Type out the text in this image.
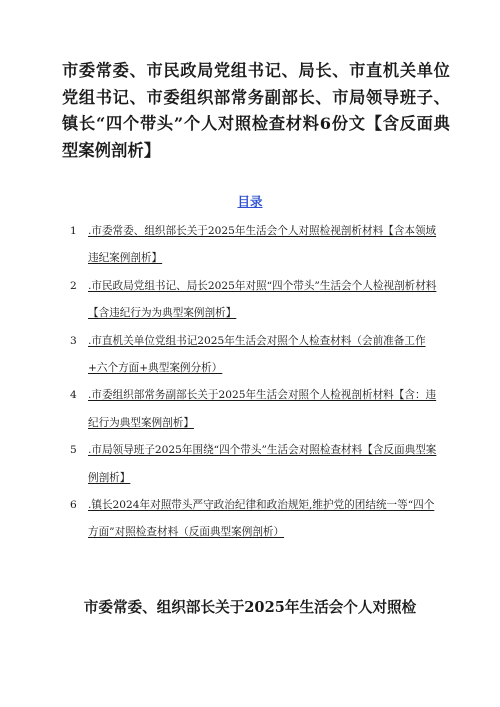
市委常委、市民政局党组书记、局长、市直机关单位党组书记、市委组织部常务副部长、市局领导班子、镇长“四个带头”个人对照检查材料6份文【含反面典型案例剖析】
目录
1	.市委常委、组织部长关于2025年生活会个人对照检视剖析材料【含本领域违纪案例剖析】
2	.市民政局党组书记、局长2025年对照“四个带头”生活会个人检视剖析材料【含违纪行为为典型案例剖析】
3	.市直机关单位党组书记2025年生活会对照个人检查材料（会前准备工作+六个方面+典型案例分析）
4	.市委组织部常务副部长关于2025年生活会对照个人检视剖析材料【含：违纪行为典型案例剖析】
5	.市局领导班子2025年围绕“四个带头”生活会对照检查材料【含反面典型案例剖析】
6	.镇长2024年对照带头严守政治纪律和政治规矩,维护党的团结统一等“四个方面”对照检查材料（反面典型案例剖析）
市委常委、组织部长关于2025年生活会个人对照检
